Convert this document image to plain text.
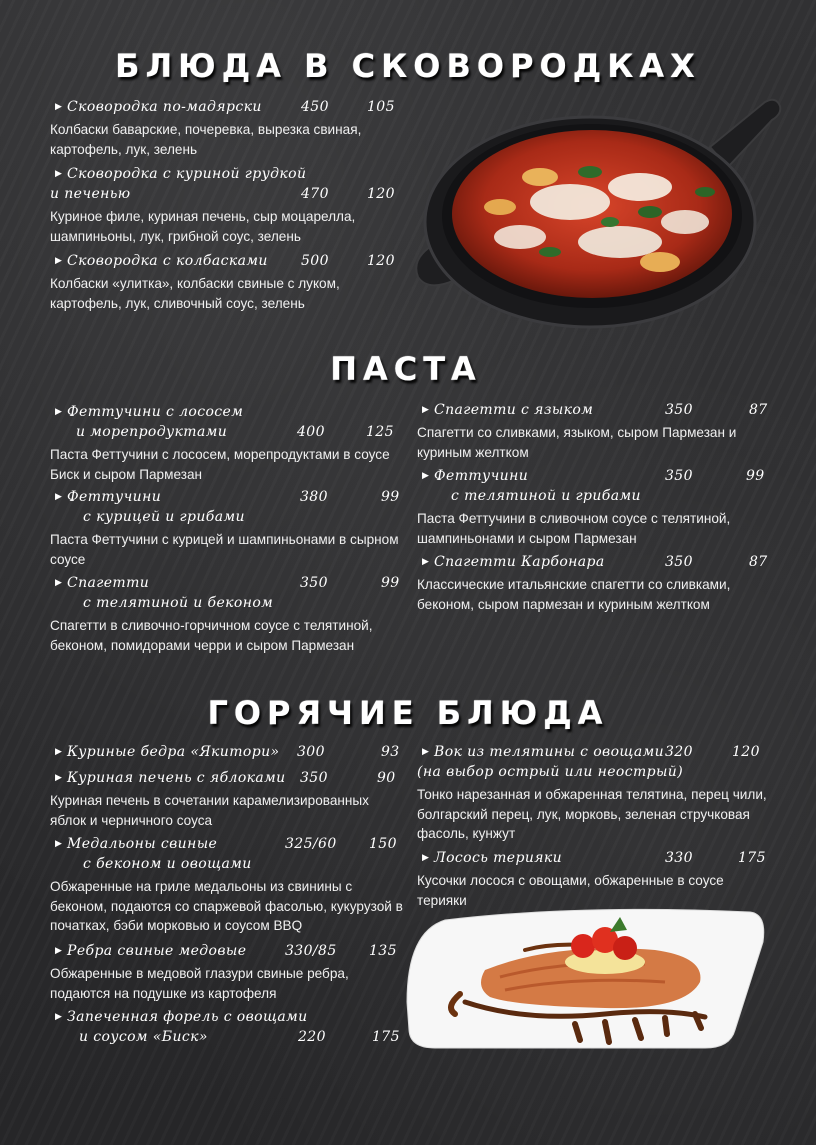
БЛЮДА В СКОВОРОДКАХ
▶ Сковородка по-мадярски	450	105
Колбаски баварские, почеревка, вырезка свиная, картофель, лук, зелень
▶ Сковородка с куриной грудкой
и печенью	470	120
Куриное филе, куриная печень, сыр моцарелла, шампиньоны, лук, грибной соус, зелень
▶ Сковородка с колбасками 500	120
Колбаски «улитка», колбаски свиные с луком, картофель, лук, сливочный соус, зелень
ПАСТА
▶ Феттучини с лососем
и морепродуктами	400	125
Паста Феттучини с лососем, морепродуктами в соусе Биск и сыром Пармезан
▶ Феттучини	380	99
с курицей и грибами
Паста Феттучини с курицей и шампиньонами в сырном соусе
▶ Спагетти	350	99
с телятиной и беконом
Спагетти в сливочно-горчичном соусе с телятиной, беконом, помидорами черри и сыром Пармезан
▶ Спагетти с языком	350	87
Спагетти со сливками, языком, сыром Пармезан и куриным желтком
▶ Феттучини	350	99
с телятиной и грибами
Паста Феттучини в сливочном соусе с телятиной, шампиньонами и сыром Пармезан
▶ Спагетти Карбонара	350	87
Классические итальянские спагетти со сливками, беконом, сыром пармезан и куриным желтком
ГОРЯЧИЕ БЛЮДА
▶ Куриные бедра «Якитори» 300	93
▶ Куриная печень с яблоками 350	90
Куриная печень в сочетании карамелизированных яблок и черничного соуса
▶ Медальоны свиные	325/60 150
с беконом и овощами
Обжаренные на гриле медальоны из свинины с беконом, подаются со спаржевой фасолью, кукурузой в початках, бэби морковью и соусом BBQ
▶ Ребра свиные медовые	330/85 135
Обжаренные в медовой глазури свиные ребра, подаются на подушке из картофеля
▶ Запеченная форель с овощами
и соусом «Биск»	220	175
▶ Вок из телятины с овощами 320	120
(на выбор острый или неострый)
Тонко нарезанная и обжаренная телятина, перец чили, болгарский перец, лук, морковь, зеленая стручковая фасоль, кунжут
▶ Лосось терияки	330	175
Кусочки лосося с овощами, обжаренные в соусе терияки
